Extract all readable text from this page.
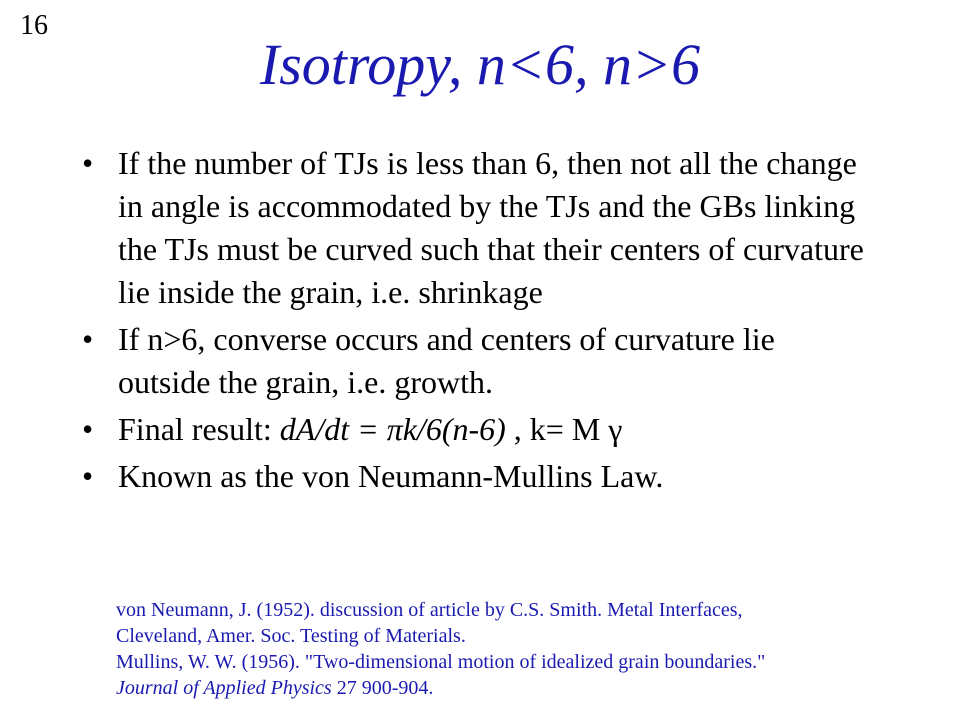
16
Isotropy, n<6, n>6
• If the number of TJs is less than 6, then not all the change in angle is accommodated by the TJs and the GBs linking the TJs must be curved such that their centers of curvature lie inside the grain, i.e. shrinkage
• If n>6, converse occurs and centers of curvature lie outside the grain, i.e. growth.
• Final result: dA/dt = πk/6(n-6) , k= M γ
• Known as the von Neumann-Mullins Law.

von Neumann, J. (1952). discussion of article by C.S. Smith. Metal Interfaces, Cleveland, Amer. Soc. Testing of Materials.

Mullins, W. W. (1956). "Two-dimensional motion of idealized grain boundaries." Journal of Applied Physics 27 900-904.
